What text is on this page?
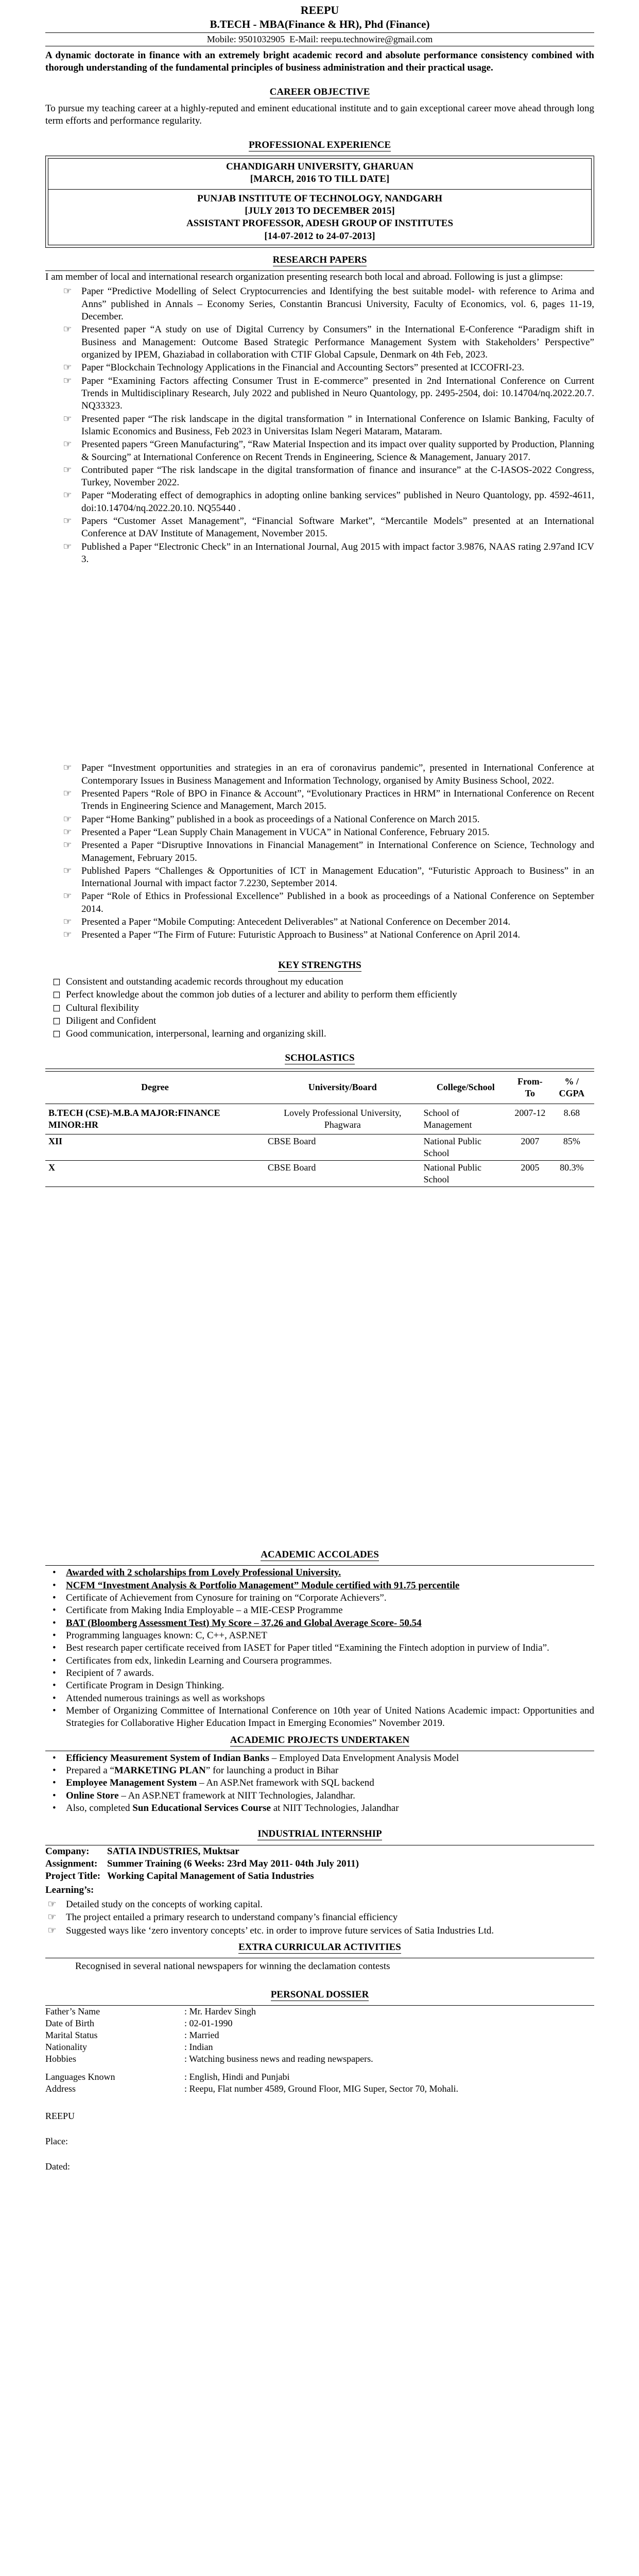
REEPU
B.TECH - MBA(Finance & HR), Phd (Finance)
Mobile: 9501032905 E-Mail: reepu.technowire@gmail.com
A dynamic doctorate in finance with an extremely bright academic record and absolute performance consistency combined with thorough understanding of the fundamental principles of business administration and their practical usage.
CAREER OBJECTIVE

To pursue my teaching career at a highly-reputed and eminent educational institute and to gain exceptional career move ahead through long term efforts and performance regularity.

PROFESSIONAL EXPERIENCE
CHANDIGARH UNIVERSITY, GHARUAN
[MARCH, 2016 TO TILL DATE]
PUNJAB INSTITUTE OF TECHNOLOGY, NANDGARH
[JULY 2013 TO DECEMBER 2015]
ASSISTANT PROFESSOR, ADESH GROUP OF INSTITUTES
[14-07-2012 to 24-07-2013]
RESEARCH PAPERS

I am member of local and international research organization presenting research both local and abroad. Following is just a glimpse:

☞ Paper “Predictive Modelling of Select Cryptocurrencies and Identifying the best suitable model- with reference to Arima and Anns” published in Annals – Economy Series, Constantin Brancusi University, Faculty of Economics, vol. 6, pages 11-19, December.
☞ Presented paper “A study on use of Digital Currency by Consumers” in the International E-Conference “Paradigm shift in Business and Management: Outcome Based Strategic Performance Management System with Stakeholders’ Perspective” organized by IPEM, Ghaziabad in collaboration with CTIF Global Capsule, Denmark on 4th Feb, 2023.
☞ Paper “Blockchain Technology Applications in the Financial and Accounting Sectors” presented at ICCOFRI-23.
☞ Paper “Examining Factors affecting Consumer Trust in E-commerce” presented in 2nd International Conference on Current Trends in Multidisciplinary Research, July 2022 and published in Neuro Quantology, pp. 2495-2504, doi: 10.14704/nq.2022.20.7. NQ33323.
☞ Presented paper “The risk landscape in the digital transformation ” in International Conference on Islamic Banking, Faculty of Islamic Economics and Business, Feb 2023 in Universitas Islam Negeri Mataram, Mataram.
☞ Presented papers “Green Manufacturing”, “Raw Material Inspection and its impact over quality supported by Production, Planning & Sourcing” at International Conference on Recent Trends in Engineering, Science & Management, January 2017.
☞ Contributed paper “The risk landscape in the digital transformation of finance and insurance” at the C-IASOS-2022 Congress, Turkey, November 2022.
☞ Paper “Moderating effect of demographics in adopting online banking services” published in Neuro Quantology, pp. 4592-4611, doi:10.14704/nq.2022.20.10. NQ55440 .
☞ Papers “Customer Asset Management”, “Financial Software Market”, “Mercantile Models” presented at an International Conference at DAV Institute of Management, November 2015.
☞ Published a Paper “Electronic Check” in an International Journal, Aug 2015 with impact factor 3.9876, NAAS rating 2.97and ICV 3.
☞ Paper “Investment opportunities and strategies in an era of coronavirus pandemic”, presented in International Conference at Contemporary Issues in Business Management and Information Technology, organised by Amity Business School, 2022.
☞ Presented Papers “Role of BPO in Finance & Account”, “Evolutionary Practices in HRM” in International Conference on Recent Trends in Engineering Science and Management, March 2015.
☞ Paper “Home Banking” published in a book as proceedings of a National Conference on March 2015.
☞ Presented a Paper “Lean Supply Chain Management in VUCA” in National Conference, February 2015.
☞ Presented a Paper “Disruptive Innovations in Financial Management” in International Conference on Science, Technology and Management, February 2015.
☞ Published Papers “Challenges & Opportunities of ICT in Management Education”, “Futuristic Approach to Business” in an International Journal with impact factor 7.2230, September 2014.
☞ Paper “Role of Ethics in Professional Excellence” Published in a book as proceedings of a National Conference on September 2014.
☞ Presented a Paper “Mobile Computing: Antecedent Deliverables” at National Conference on December 2014.
☞ Presented a Paper “The Firm of Future: Futuristic Approach to Business” at National Conference on April 2014.
KEY STRENGTHS
◻ Consistent and outstanding academic records throughout my education
◻ Perfect knowledge about the common job duties of a lecturer and ability to perform them efficiently
◻ Cultural flexibility
◻ Diligent and Confident
◻ Good communication, interpersonal, learning and organizing skill.
SCHOLASTICS
Degree	University/Board	College/School	From-To	% / CGPA
B.TECH (CSE)-M.B.A MAJOR:FINANCE MINOR:HR	Lovely Professional University, Phagwara	School of Management	2007-12	8.68
XII	CBSE Board	National Public School	2007	85%
X	CBSE Board	National Public School	2005	80.3%
ACADEMIC ACCOLADES
• Awarded with 2 scholarships from Lovely Professional University.
• NCFM “Investment Analysis & Portfolio Management” Module certified with 91.75 percentile
• Certificate of Achievement from Cynosure for training on “Corporate Achievers”.
• Certificate from Making India Employable – a MIE-CESP Programme
• BAT (Bloomberg Assessment Test) My Score – 37.26 and Global Average Score- 50.54
• Programming languages known: C, C++, ASP.NET
• Best research paper certificate received from IASET for Paper titled “Examining the Fintech adoption in purview of India”.
• Certificates from edx, linkedin Learning and Coursera programmes.
• Recipient of 7 awards.
• Certificate Program in Design Thinking.
• Attended numerous trainings as well as workshops
• Member of Organizing Committee of International Conference on 10th year of United Nations Academic impact: Opportunities and Strategies for Collaborative Higher Education Impact in Emerging Economies” November 2019.
ACADEMIC PROJECTS UNDERTAKEN
• Efficiency Measurement System of Indian Banks – Employed Data Envelopment Analysis Model
• Prepared a “MARKETING PLAN” for launching a product in Bihar
• Employee Management System – An ASP.Net framework with SQL backend
• Online Store – An ASP.NET framework at NIIT Technologies, Jalandhar.
• Also, completed Sun Educational Services Course at NIIT Technologies, Jalandhar
INDUSTRIAL INTERNSHIP
Company:	SATIA INDUSTRIES, Muktsar
Assignment: Summer Training (6 Weeks: 23rd May 2011- 04th July 2011)
Project Title: Working Capital Management of Satia Industries
Learning’s:
☞ Detailed study on the concepts of working capital.
☞ The project entailed a primary research to understand company’s financial efficiency
☞ Suggested ways like ‘zero inventory concepts’ etc. in order to improve future services of Satia Industries Ltd.
EXTRA CURRICULAR ACTIVITIES
Recognised in several national newspapers for winning the declamation contests
PERSONAL DOSSIER
Father’s Name	: Mr. Hardev Singh
Date of Birth	: 02-01-1990
Marital Status	: Married
Nationality	: Indian
Hobbies	: Watching business news and reading newspapers.
Languages Known	: English, Hindi and Punjabi
Address	: Reepu, Flat number 4589, Ground Floor, MIG Super, Sector 70, Mohali.
REEPU
Place:
Dated:
